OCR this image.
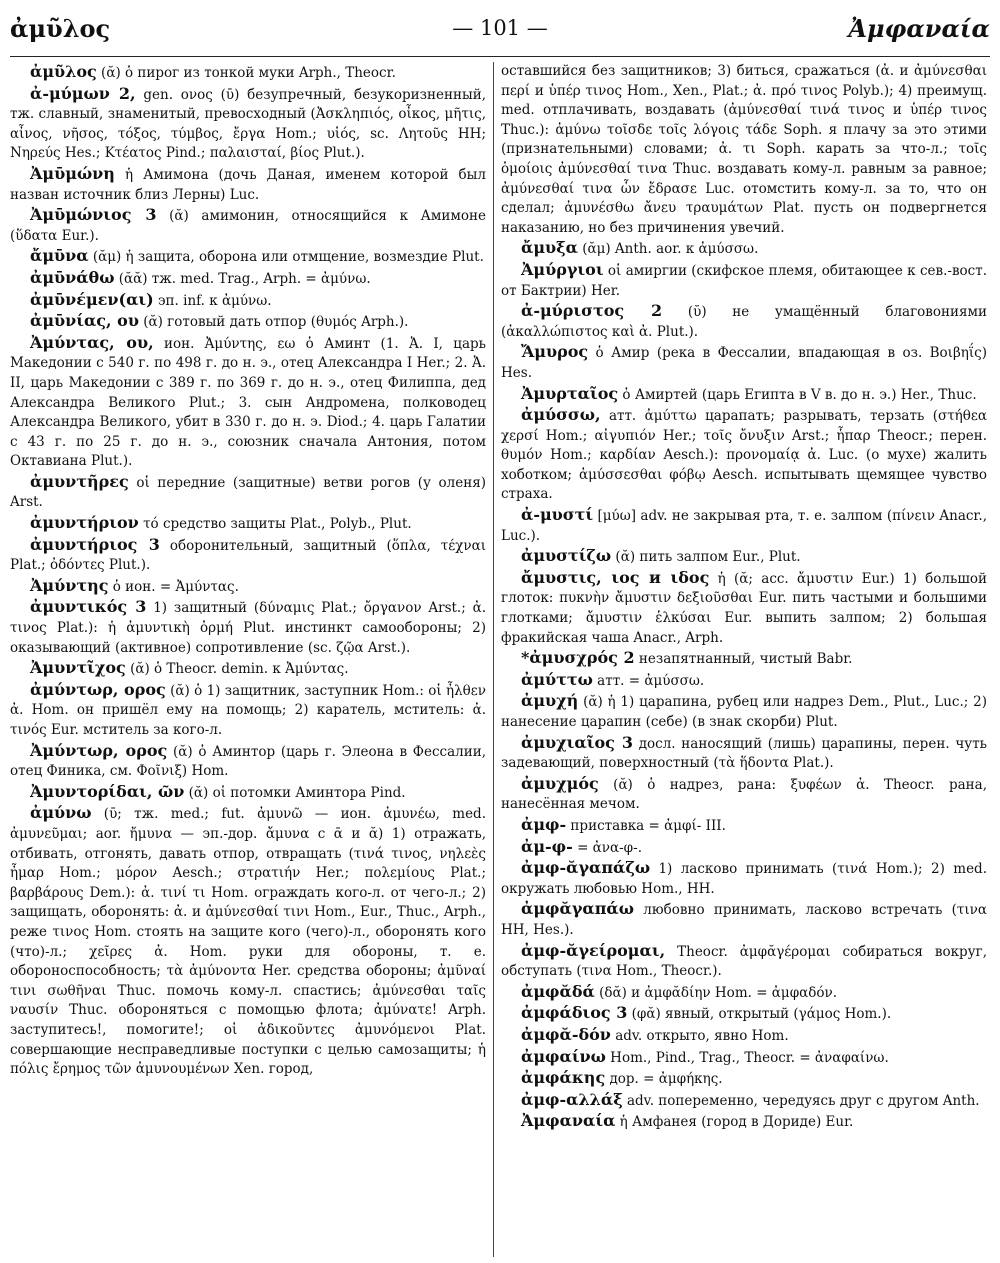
ἀμῦλος	— 101 —	Ἀμφαναία

ἀμῦλος (ᾰ) ὁ пирог из тонкой муки Arph., Theocr.

ἀ-μύμων 2, gen. ονος (ῡ) безупречный, безукоризненный, тж. славный, знаменитый, превосходный (Ἀσκληπιός, οἶκος, μῆτις, αἶνος, νῆσος, τόξος, τύμβος, ἔργα Hom.; υἱός, sc. Λητοῦς HH; Νηρεύς Hes.; Κτέατος Pind.; παλαισταί, βίος Plut.).

Ἀμῡμώνη ἡ Амимона (дочь Даная, именем которой был назван источник близ Лерны) Luc.

Ἀμῡμώνιος 3 (ᾰ) амимонин, относящийся к Амимоне (ὕδατα Eur.).

ἄμῡνα (ᾰμ) ἡ защита, оборона или отмщение, возмездие Plut.

ἀμῡνάθω (ᾰᾰ) тж. med. Trag., Arph. = ἀμύνω.

ἀμῡνέμεν(αι) эп. inf. к ἀμύνω.

ἀμῡνίας, ου (ᾰ) готовый дать отпор (θυμός Arph.).

Ἀμύντας, ου, ион. Ἀμύντης, εω ὁ Аминт (1. Ἀ. I, царь Македонии с 540 г. по 498 г. до н. э., отец Александра I Her.; 2. Ἀ. II, царь Македонии с 389 г. по 369 г. до н. э., отец Филиппа, дед Александра Великого Plut.; 3. сын Андромена, полководец Александра Великого, убит в 330 г. до н. э. Diod.; 4. царь Галатии с 43 г. по 25 г. до н. э., союзник сначала Антония, потом Октавиана Plut.).

ἀμυντῆρες οἱ передние (защитные) ветви рогов (у оленя) Arst.

ἀμυντήριον τό средство защиты Plat., Polyb., Plut.

ἀμυντήριος 3 оборонительный, защитный (ὅπλα, τέχναι Plat.; ὀδόντες Plut.).

Ἀμύντης ὁ ион. = Ἀμύντας.

ἀμυντικός 3 1) защитный (δύναμις Plat.; ὄργανον Arst.; ἀ. τινος Plat.): ἡ ἀμυντικὴ ὁρμή Plut. инстинкт самообороны; 2) оказывающий (активное) сопротивление (sc. ζῷα Arst.).

Ἀμυντῖχος (ᾰ) ὁ Theocr. demin. к Ἀμύντας.

ἀμύντωρ, ορος (ᾰ) ὁ 1) защитник, заступник Hom.: οἱ ἦλθεν ἀ. Hom. он пришёл ему на помощь; 2) каратель, мститель: ἀ. τινός Eur. мститель за кого-л.

Ἀμύντωρ, ορος (ᾰ) ὁ Аминтор (царь г. Элеона в Фессалии, отец Финика, см. Φοῖνιξ) Hom.

Ἀμυντορίδαι, ῶν (ᾰ) οἱ потомки Аминтора Pind.

ἀμύνω (ῡ; тж. med.; fut. ἀμυνῶ — ион. ἀμυνέω, med. ἀμυνεῦμαι; aor. ἤμυνα — эп.-дор. ἄμυνα с ᾱ и ᾰ) 1) отражать, отбивать, отгонять, давать отпор, отвращать (τινά τινος, νηλεὲς ἦμαρ Hom.; μόρον Aesch.; στρατιήν Her.; πολεμίους Plat.; βαρβάρους Dem.): ἀ. τινί τι Hom. ограждать кого-л. от чего-л.; 2) защищать, оборонять: ἀ. и ἀμύνεσθαί τινι Hom., Eur., Thuc., Arph., реже τινος Hom. стоять на защите кого (чего)-л., оборонять кого (что)-л.; χεῖρες ἀ. Hom. руки для обороны, т. е. обороноспособность; τὰ ἀμύνοντα Her. средства обороны; ἀμῦναί τινι σωθῆναι Thuc. помочь кому-л. спастись; ἀμύνεσθαι ταῖς ναυσίν Thuc. обороняться с помощью флота; ἀμύνατε! Arph. заступитесь!, помогите!; οἱ ἀδικοῦντες ἀμυνόμενοι Plat. совершающие несправедливые поступки с целью самозащиты; ἡ πόλις ἔρημος τῶν ἀμυνουμένων Xen. город,

оставшийся без защитников; 3) биться, сражаться (ἀ. и ἀμύνεσθαι περί и ὑπέρ τινος Hom., Xen., Plat.; ἀ. πρό τινος Polyb.); 4) преимущ. med. отплачивать, воздавать (ἀμύνεσθαί τινά τινος и ὑπέρ τινος Thuc.): ἀμύνω τοῖσδε τοῖς λόγοις τάδε Soph. я плачу за это этими (признательными) словами; ἀ. τι Soph. карать за что-л.; τοῖς ὁμοίοις ἀμύνεσθαί τινα Thuc. воздавать кому-л. равным за равное; ἀμύνεσθαί τινα ὧν ἔδρασε Luc. отомстить кому-л. за то, что он сделал; ἀμυνέσθω ἄνευ τραυμάτων Plat. пусть он подвергнется наказанию, но без причинения увечий.

ἄμυξα (ᾰμ) Anth. aor. к ἀμύσσω.

Ἀμύργιοι οἱ амиргии (скифское племя, обитающее к сев.-вост. от Бактрии) Her.

ἀ-μύριστος 2 (ῠ) не умащённый благовониями (ἀκαλλώπιστος καὶ ἀ. Plut.).

Ἄμυρος ὁ Амир (река в Фессалии, впадающая в оз. Βοιβηΐς) Hes.

Ἀμυρταῖος ὁ Амиртей (царь Египта в V в. до н. э.) Her., Thuc.

ἀμύσσω, атт. ἀμύττω царапать; разрывать, терзать (στήθεα χερσί Hom.; αἰγυπιόν Her.; τοῖς ὄνυξιν Arst.; ἧπαρ Theocr.; перен. θυμόν Hom.; καρδίαν Aesch.): προνομαίᾳ ἀ. Luc. (о мухе) жалить хоботком; ἀμύσσεσθαι φόβῳ Aesch. испытывать щемящее чувство страха.

ἀ-μυστί [μύω] adv. не закрывая рта, т. е. залпом (πίνειν Anacr., Luc.).

ἀμυστίζω (ᾰ) пить залпом Eur., Plut.

ἄμυστις, ιος и ιδος ἡ (ᾰ; acc. ἄμυστιν Eur.) 1) большой глоток: πυκνὴν ἄμυστιν δεξιοῦσθαι Eur. пить частыми и большими глотками; ἄμυστιν ἑλκύσαι Eur. выпить залпом; 2) большая фракийская чаша Anacr., Arph.

*ἀμυσχρός 2 незапятнанный, чистый Babr.

ἀμύττω атт. = ἀμύσσω.

ἀμυχή (ᾰ) ἡ 1) царапина, рубец или надрез Dem., Plut., Luc.; 2) нанесение царапин (себе) (в знак скорби) Plut.

ἀμυχιαῖος 3 досл. наносящий (лишь) царапины, перен. чуть задевающий, поверхностный (τὰ ἥδοντα Plat.).

ἀμυχμός (ᾰ) ὁ надрез, рана: ξυφέων ἀ. Theocr. рана, нанесённая мечом.

ἀμφ- приставка = ἀμφί- III.

ἀμ-φ- = ἀνα-φ-.

ἀμφ-ᾰγαπάζω 1) ласково принимать (τινά Hom.); 2) med. окружать любовью Hom., HH.

ἀμφᾰγαπάω любовно принимать, ласково встречать (τινα HH, Hes.).

ἀμφ-ᾰγείρομαι, Theocr. ἀμφᾰγέρομαι собираться вокруг, обступать (τινα Hom., Theocr.).

ἀμφᾰδά (δᾰ) и ἀμφᾰδίην Hom. = ἀμφαδόν.

ἀμφάδιος 3 (φᾰ) явный, открытый (γάμος Hom.).

ἀμφᾰ-δόν adv. открыто, явно Hom.

ἀμφαίνω Hom., Pind., Trag., Theocr. = ἀναφαίνω.

ἀμφάκης дор. = ἀμφήκης.

ἀμφ-αλλάξ adv. попеременно, чередуясь друг с другом Anth.

Ἀμφαναία ἡ Амфанея (город в Дориде) Eur.
